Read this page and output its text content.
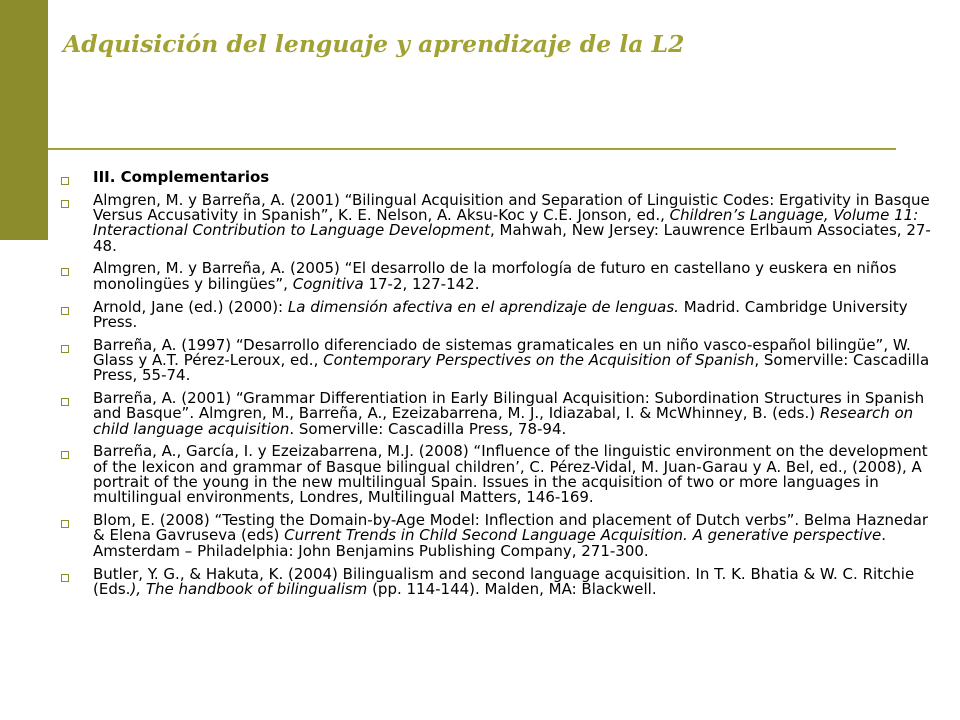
Adquisición del lenguaje y aprendizaje de la L2
III. Complementarios
Almgren, M. y Barreña, A. (2001) “Bilingual Acquisition and Separation of Linguistic Codes: Ergativity in Basque Versus Accusativity in Spanish”, K. E. Nelson, A. Aksu-Koc y C.E. Jonson, ed., Children’s Language, Volume 11: Interactional Contribution to Language Development, Mahwah, New Jersey: Lauwrence Erlbaum Associates, 27-48.
Almgren, M. y Barreña, A. (2005) “El desarrollo de la morfología de futuro en castellano y euskera en niños monolingües y bilingües”, Cognitiva 17-2, 127-142.
Arnold, Jane (ed.) (2000): La dimensión afectiva en el aprendizaje de lenguas. Madrid. Cambridge University Press.
Barreña, A. (1997) “Desarrollo diferenciado de sistemas gramaticales en un niño vasco-español bilingüe”, W. Glass y A.T. Pérez-Leroux, ed., Contemporary Perspectives on the Acquisition of Spanish, Somerville: Cascadilla Press, 55-74.
Barreña, A. (2001) “Grammar Differentiation in Early Bilingual Acquisition: Subordination Structures in Spanish and Basque”. Almgren, M., Barreña, A., Ezeizabarrena, M. J., Idiazabal, I. & McWhinney, B. (eds.) Research on child language acquisition. Somerville: Cascadilla Press, 78-94.
Barreña, A., García, I. y Ezeizabarrena, M.J. (2008) “Influence of the linguistic environment on the development of the lexicon and grammar of Basque bilingual children’, C. Pérez-Vidal, M. Juan-Garau y A. Bel, ed., (2008), A portrait of the young in the new multilingual Spain. Issues in the acquisition of two or more languages in multilingual environments, Londres, Multilingual Matters, 146-169.
Blom, E. (2008) “Testing the Domain-by-Age Model: Inflection and placement of Dutch verbs”. Belma Haznedar & Elena Gavruseva (eds) Current Trends in Child Second Language Acquisition. A generative perspective. Amsterdam – Philadelphia: John Benjamins Publishing Company, 271-300.
Butler, Y. G., & Hakuta, K. (2004) Bilingualism and second language acquisition. In T. K. Bhatia & W. C. Ritchie (Eds.), The handbook of bilingualism (pp. 114-144). Malden, MA: Blackwell.
